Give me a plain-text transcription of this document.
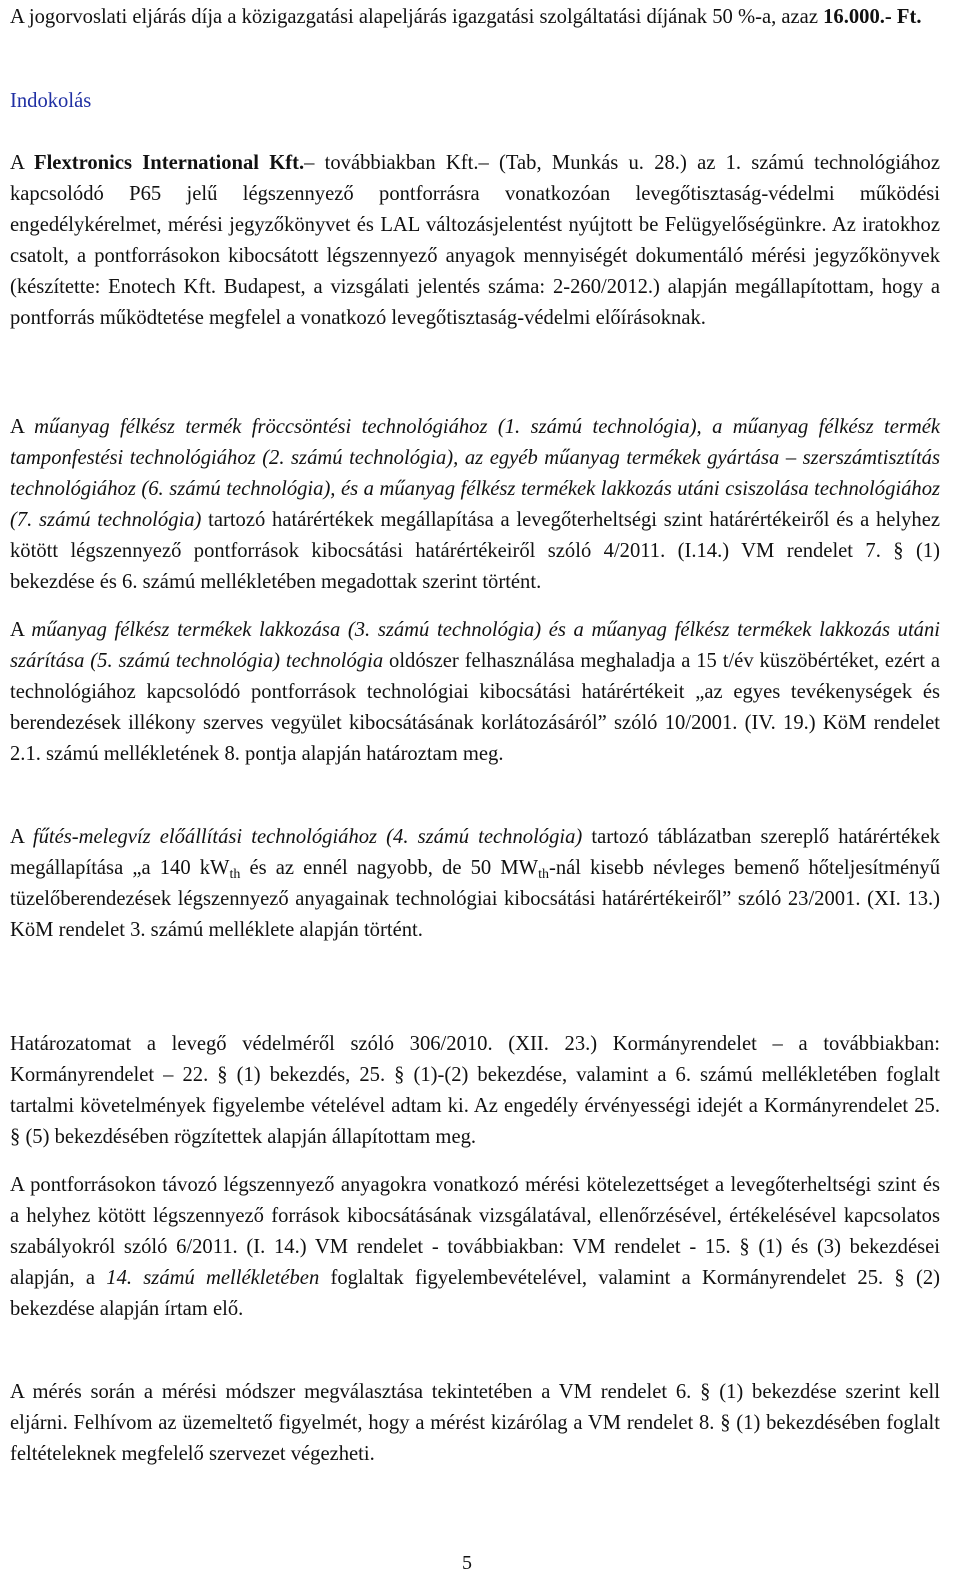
A jogorvoslati eljárás díja a közigazgatási alapeljárás igazgatási szolgáltatási díjának 50 %-a, azaz 16.000.- Ft.

Indokolás

A Flextronics International Kft.– továbbiakban Kft.– (Tab, Munkás u. 28.) az 1. számú technológiához kapcsolódó P65 jelű légszennyező pontforrásra vonatkozóan levegőtisztaság-védelmi működési engedélykérelmet, mérési jegyzőkönyvet és LAL változásjelentést nyújtott be Felügyelőségünkre. Az iratokhoz csatolt, a pontforrásokon kibocsátott légszennyező anyagok mennyiségét dokumentáló mérési jegyzőkönyvek (készítette: Enotech Kft. Budapest, a vizsgálati jelentés száma: 2-260/2012.) alapján megállapítottam, hogy a pontforrás működtetése megfelel a vonatkozó levegőtisztaság-védelmi előírásoknak.

A műanyag félkész termék fröccsöntési technológiához (1. számú technológia), a műanyag félkész termék tamponfestési technológiához (2. számú technológia), az egyéb műanyag termékek gyártása – szerszámtisztítás technológiához (6. számú technológia), és a műanyag félkész termékek lakkozás utáni csiszolása technológiához (7. számú technológia) tartozó határértékek megállapítása a levegőterheltségi szint határértékeiről és a helyhez kötött légszennyező pontforrások kibocsátási határértékeiről szóló 4/2011. (I.14.) VM rendelet 7. § (1) bekezdése és 6. számú mellékletében megadottak szerint történt.

A műanyag félkész termékek lakkozása (3. számú technológia) és a műanyag félkész termékek lakkozás utáni szárítása (5. számú technológia) technológia oldószer felhasználása meghaladja a 15 t/év küszöbértéket, ezért a technológiához kapcsolódó pontforrások technológiai kibocsátási határértékeit „az egyes tevékenységek és berendezések illékony szerves vegyület kibocsátásának korlátozásáról” szóló 10/2001. (IV. 19.) KöM rendelet 2.1. számú mellékletének 8. pontja alapján határoztam meg.

A fűtés-melegvíz előállítási technológiához (4. számú technológia) tartozó táblázatban szereplő határértékek megállapítása „a 140 $kW_{th}$ és az ennél nagyobb, de 50 $MW_{th}$-nál kisebb névleges bemenő hőteljesítményű tüzelőberendezések légszennyező anyagainak technológiai kibocsátási határértékeiről” szóló 23/2001. (XI. 13.) KöM rendelet 3. számú melléklete alapján történt.

Határozatomat a levegő védelméről szóló 306/2010. (XII. 23.) Kormányrendelet – a továbbiakban: Kormányrendelet – 22. § (1) bekezdés, 25. § (1)-(2) bekezdése, valamint a 6. számú mellékletében foglalt tartalmi követelmények figyelembe vételével adtam ki. Az engedély érvényességi idejét a Kormányrendelet 25. § (5) bekezdésében rögzítettek alapján állapítottam meg.

A pontforrásokon távozó légszennyező anyagokra vonatkozó mérési kötelezettséget a levegőterheltségi szint és a helyhez kötött légszennyező források kibocsátásának vizsgálatával, ellenőrzésével, értékelésével kapcsolatos szabályokról szóló 6/2011. (I. 14.) VM rendelet - továbbiakban: VM rendelet - 15. § (1) és (3) bekezdései alapján, a 14. számú mellékletében foglaltak figyelembevételével, valamint a Kormányrendelet 25. § (2) bekezdése alapján írtam elő.

A mérés során a mérési módszer megválasztása tekintetében a VM rendelet 6. § (1) bekezdése szerint kell eljárni. Felhívom az üzemeltető figyelmét, hogy a mérést kizárólag a VM rendelet 8. § (1) bekezdésében foglalt feltételeknek megfelelő szervezet végezheti.

5
